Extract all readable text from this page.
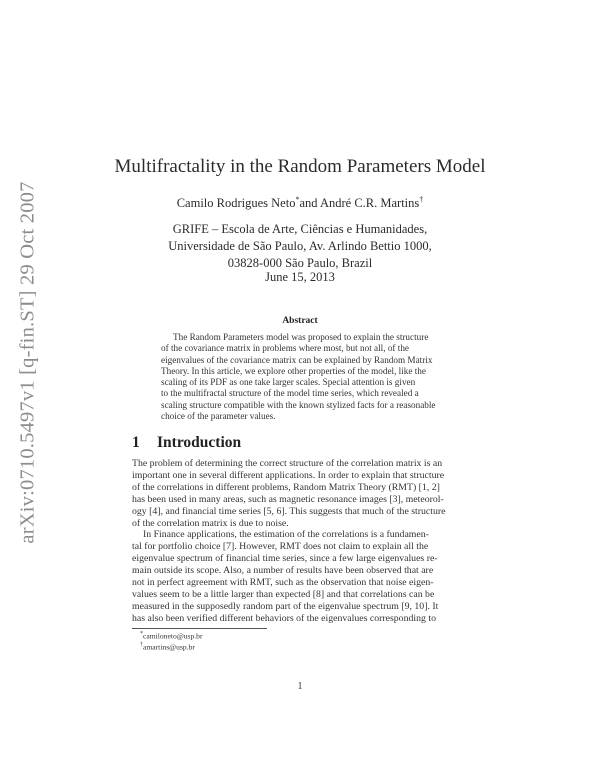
arXiv:0710.5497v1 [q-fin.ST] 29 Oct 2007
Multifractality in the Random Parameters Model
Camilo Rodrigues Neto*and André C.R. Martins†
GRIFE – Escola de Arte, Ciências e Humanidades,
Universidade de São Paulo, Av. Arlindo Bettio 1000,
03828-000 São Paulo, Brazil
June 15, 2013
Abstract
The Random Parameters model was proposed to explain the structure
of the covariance matrix in problems where most, but not all, of the
eigenvalues of the covariance matrix can be explained by Random Matrix
Theory. In this article, we explore other properties of the model, like the
scaling of its PDF as one take larger scales. Special attention is given
to the multifractal structure of the model time series, which revealed a
scaling structure compatible with the known stylized facts for a reasonable
choice of the parameter values.
1 Introduction
The problem of determining the correct structure of the correlation matrix is an
important one in several different applications. In order to explain that structure
of the correlations in different problems, Random Matrix Theory (RMT) [1, 2]
has been used in many areas, such as magnetic resonance images [3], meteorol-
ogy [4], and financial time series [5, 6]. This suggests that much of the structure
of the correlation matrix is due to noise.
In Finance applications, the estimation of the correlations is a fundamen-
tal for portfolio choice [7]. However, RMT does not claim to explain all the
eigenvalue spectrum of financial time series, since a few large eigenvalues re-
main outside its scope. Also, a number of results have been observed that are
not in perfect agreement with RMT, such as the observation that noise eigen-
values seem to be a little larger than expected [8] and that correlations can be
measured in the supposedly random part of the eigenvalue spectrum [9, 10]. It
has also been verified different behaviors of the eigenvalues corresponding to
*camiloneto@usp.br
†amartins@usp.br
1
